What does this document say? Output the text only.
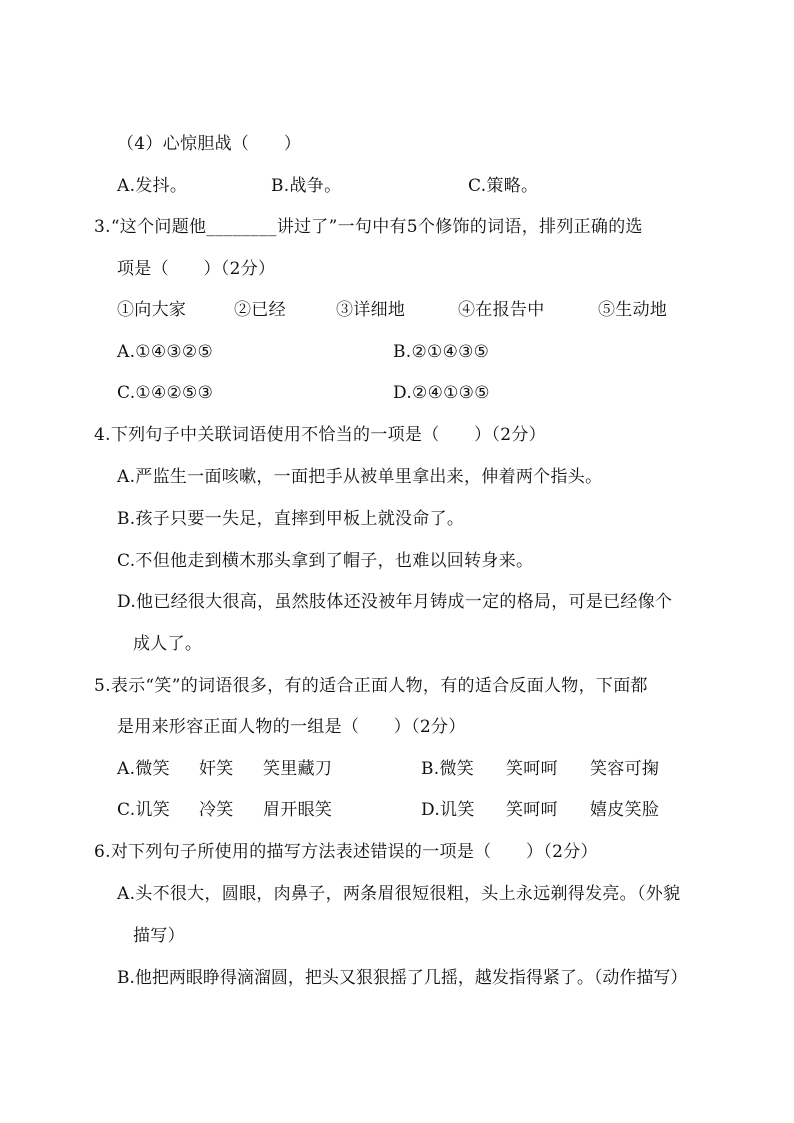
（4）心惊胆战（　　）
A.发抖。	B.战争。	C.策略。
3.“这个问题他________讲过了”一句中有5个修饰的词语，排列正确的选
项是（　　）（2分）
①向大家	②已经	③详细地	④在报告中	⑤生动地
A.①④③②⑤	B.②①④③⑤
C.①④②⑤③	D.②④①③⑤
4.下列句子中关联词语使用不恰当的一项是（　　）（2分）
A.严监生一面咳嗽，一面把手从被单里拿出来，伸着两个指头。
B.孩子只要一失足，直摔到甲板上就没命了。
C.不但他走到横木那头拿到了帽子，也难以回转身来。
D.他已经很大很高，虽然肢体还没被年月铸成一定的格局，可是已经像个
成人了。
5.表示“笑”的词语很多，有的适合正面人物，有的适合反面人物，下面都
是用来形容正面人物的一组是（　　）（2分）
A.微笑 奸笑 笑里藏刀	B.微笑 笑呵呵 笑容可掬
C.讥笑 冷笑 眉开眼笑	D.讥笑 笑呵呵 嬉皮笑脸
6.对下列句子所使用的描写方法表述错误的一项是（　　）（2分）
A.头不很大，圆眼，肉鼻子，两条眉很短很粗，头上永远剃得发亮。（外貌
描写）
B.他把两眼睁得滴溜圆，把头又狠狠摇了几摇，越发指得紧了。（动作描写）
